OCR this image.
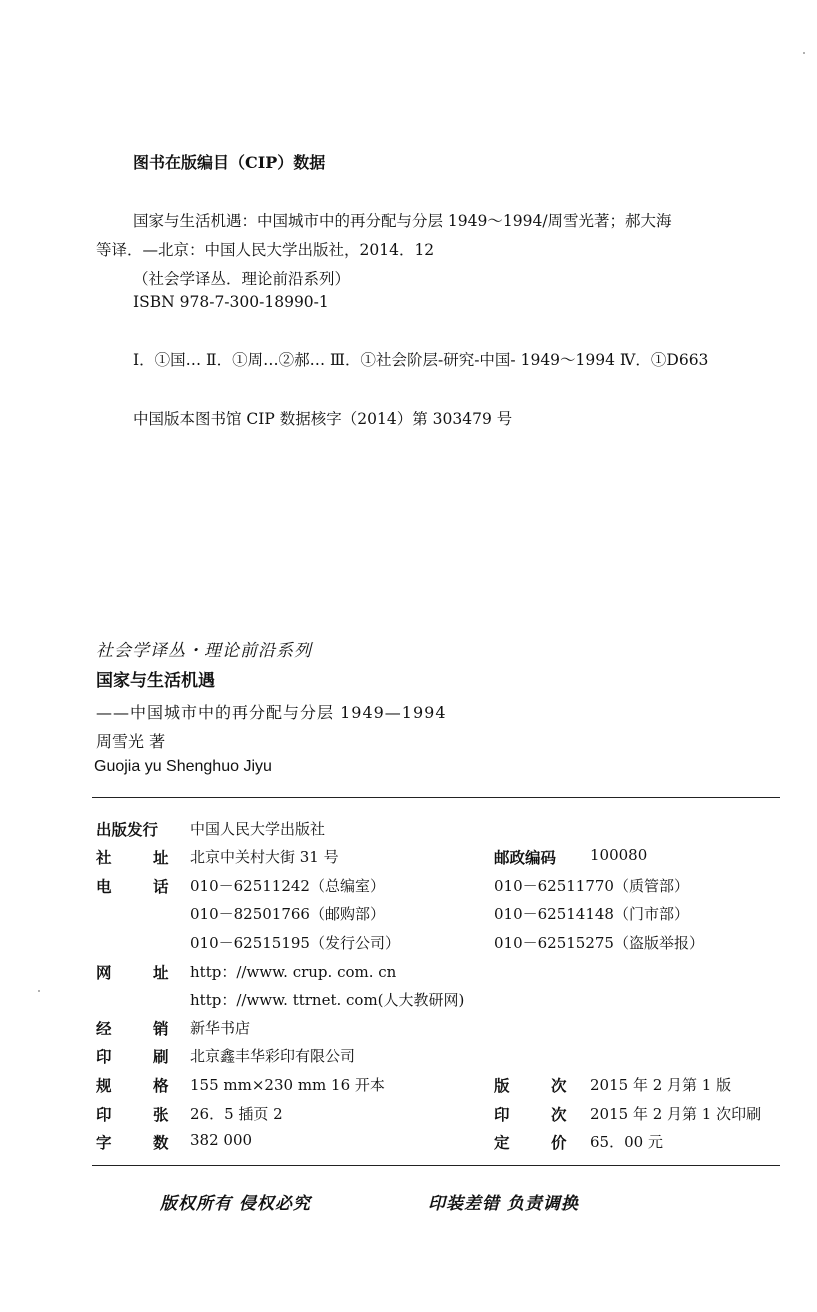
图书在版编目（CIP）数据
国家与生活机遇：中国城市中的再分配与分层 1949～1994/周雪光著；郝大海
等译．—北京：中国人民大学出版社，2014．12
（社会学译丛．理论前沿系列）
ISBN 978-7-300-18990-1
Ⅰ．①国… Ⅱ．①周…②郝… Ⅲ．①社会阶层-研究-中国- 1949～1994 Ⅳ．①D663
中国版本图书馆 CIP 数据核字（2014）第 303479 号
社会学译丛・理论前沿系列
国家与生活机遇
——中国城市中的再分配与分层 1949—1994
周雪光 著
Guojia yu Shenghuo Jiyu
出版发行 中国人民大学出版社
社	址 北京中关村大街 31 号	邮政编码 100080
电	话 010－62511242（总编室）	010－62511770（质管部）
010－82501766（邮购部）	010－62514148（门市部）
010－62515195（发行公司）	010－62515275（盗版举报）
网	址 http：//www. crup. com. cn
http：//www. ttrnet. com(人大教研网)
经	销 新华书店
印	刷 北京鑫丰华彩印有限公司
规	格 155 mm×230 mm 16 开本	版	次 2015 年 2 月第 1 版
印	张 26．5 插页 2	印	次 2015 年 2 月第 1 次印刷
字	数 382 000	定	价 65．00 元
版权所有 侵权必究	印装差错 负责调换
